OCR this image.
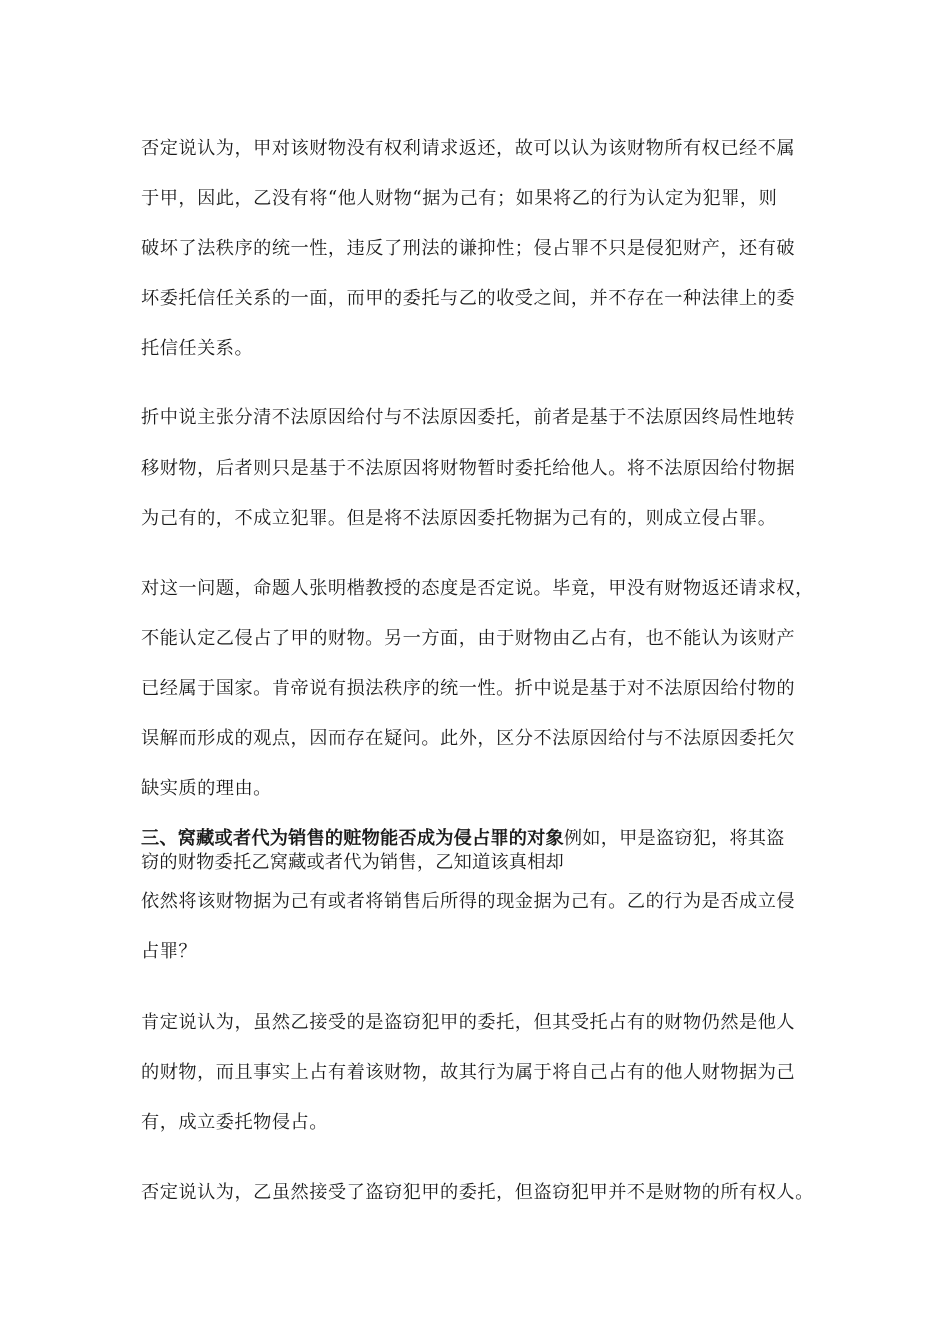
否定说认为，甲对该财物没有权利请求返还，故可以认为该财物所有权已经不属
于甲，因此，乙没有将“他人财物“据为己有；如果将乙的行为认定为犯罪，则
破坏了法秩序的统一性，违反了刑法的谦抑性；侵占罪不只是侵犯财产，还有破
坏委托信任关系的一面，而甲的委托与乙的收受之间，并不存在一种法律上的委
托信任关系。
折中说主张分清不法原因给付与不法原因委托，前者是基于不法原因终局性地转
移财物，后者则只是基于不法原因将财物暂时委托给他人。将不法原因给付物据
为己有的，不成立犯罪。但是将不法原因委托物据为己有的，则成立侵占罪。
对这一问题，命题人张明楷教授的态度是否定说。毕竟，甲没有财物返还请求权，
不能认定乙侵占了甲的财物。另一方面，由于财物由乙占有，也不能认为该财产
已经属于国家。肯帝说有损法秩序的统一性。折中说是基于对不法原因给付物的
误解而形成的观点，因而存在疑问。此外，区分不法原因给付与不法原因委托欠
缺实质的理由。
三、窝藏或者代为销售的赃物能否成为侵占罪的对象例如，甲是盗窃犯，将其盗
窃的财物委托乙窝藏或者代为销售，乙知道该真相却
依然将该财物据为己有或者将销售后所得的现金据为己有。乙的行为是否成立侵
占罪？
肯定说认为，虽然乙接受的是盗窃犯甲的委托，但其受托占有的财物仍然是他人
的财物，而且事实上占有着该财物，故其行为属于将自己占有的他人财物据为己
有，成立委托物侵占。
否定说认为，乙虽然接受了盗窃犯甲的委托，但盗窃犯甲并不是财物的所有权人。
